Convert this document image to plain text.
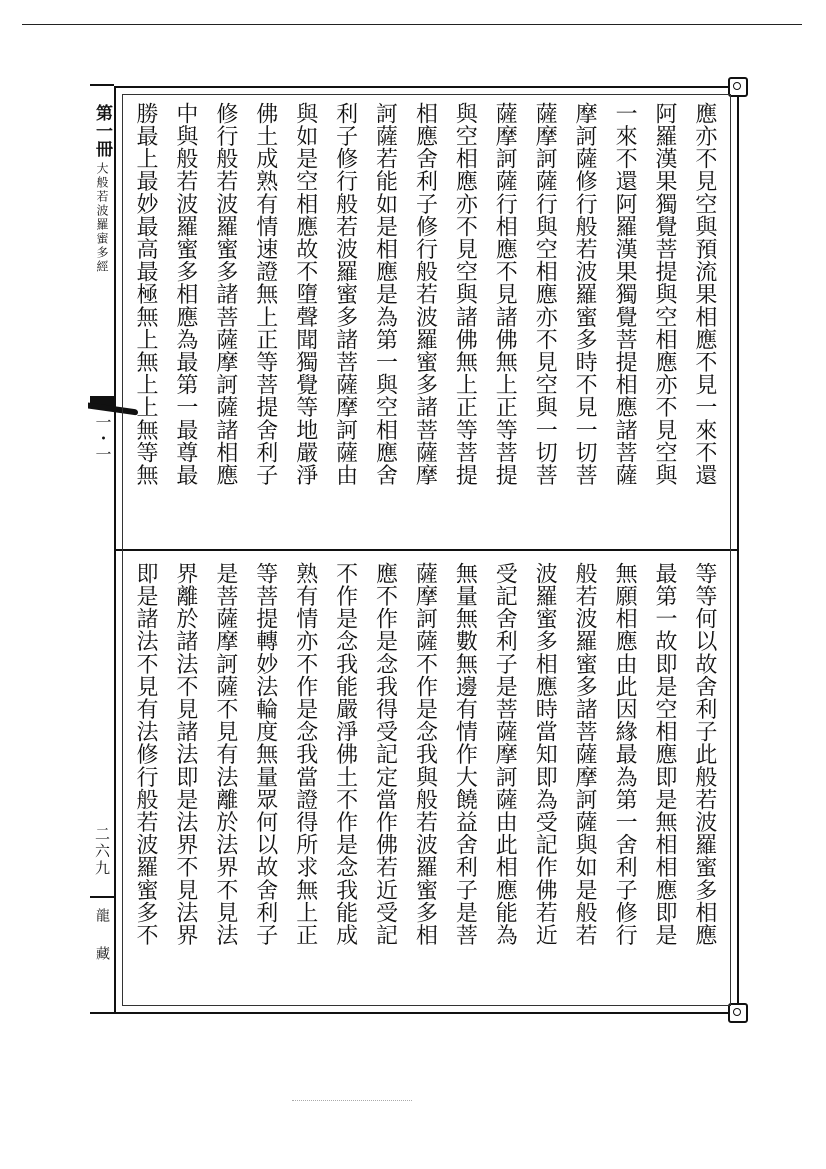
第一冊
大般若波羅蜜多經
一・一
二六九
龍藏
應亦不見空與預流果相應不見一來不還
阿羅漢果獨覺菩提與空相應亦不見空與
一來不還阿羅漢果獨覺菩提相應諸菩薩
摩訶薩修行般若波羅蜜多時不見一切菩
薩摩訶薩行與空相應亦不見空與一切菩
薩摩訶薩行相應不見諸佛無上正等菩提
與空相應亦不見空與諸佛無上正等菩提
相應舍利子修行般若波羅蜜多諸菩薩摩
訶薩若能如是相應是為第一與空相應舍
利子修行般若波羅蜜多諸菩薩摩訶薩由
與如是空相應故不墮聲聞獨覺等地嚴淨
佛土成熟有情速證無上正等菩提舍利子
修行般若波羅蜜多諸菩薩摩訶薩諸相應
中與般若波羅蜜多相應為最第一最尊最
勝最上最妙最高最極無上無上上無等無
等等何以故舍利子此般若波羅蜜多相應
最第一故即是空相應即是無相相應即是
無願相應由此因緣最為第一舍利子修行
般若波羅蜜多諸菩薩摩訶薩與如是般若
波羅蜜多相應時當知即為受記作佛若近
受記舍利子是菩薩摩訶薩由此相應能為
無量無數無邊有情作大饒益舍利子是菩
薩摩訶薩不作是念我與般若波羅蜜多相
應不作是念我得受記定當作佛若近受記
不作是念我能嚴淨佛土不作是念我能成
熟有情亦不作是念我當證得所求無上正
等菩提轉妙法輪度無量眾何以故舍利子
是菩薩摩訶薩不見有法離於法界不見法
界離於諸法不見諸法即是法界不見法界
即是諸法不見有法修行般若波羅蜜多不
